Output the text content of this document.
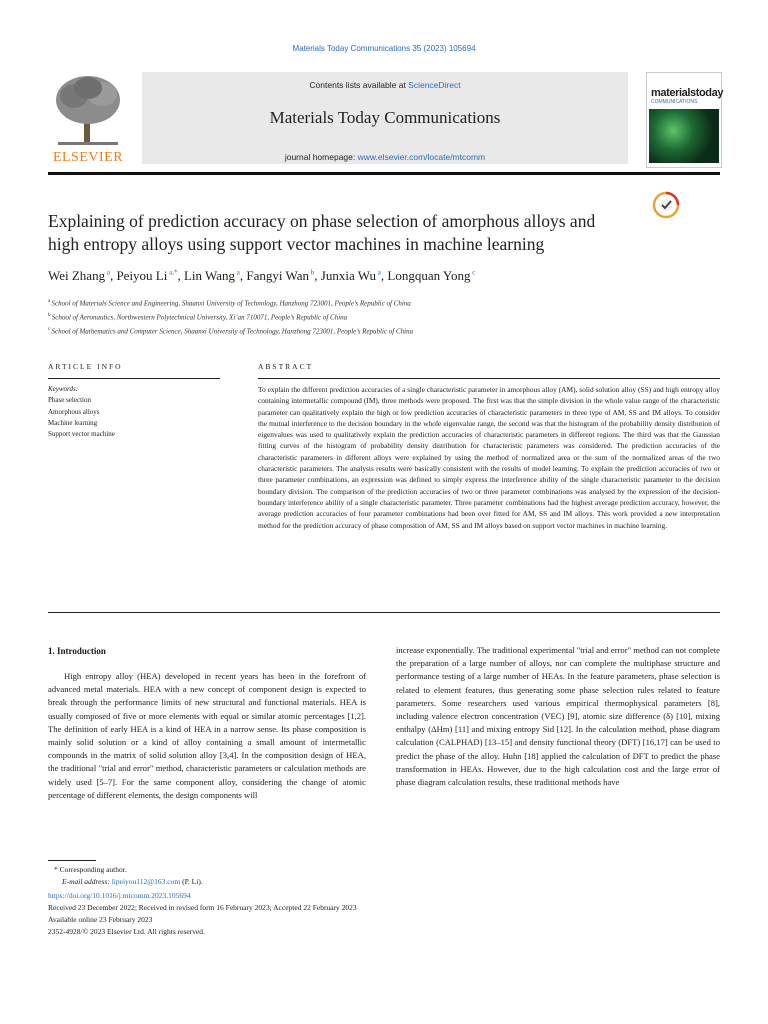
Materials Today Communications 35 (2023) 105694
ELSEVIER
Contents lists available at ScienceDirect
Materials Today Communications
journal homepage: www.elsevier.com/locate/mtcomm
materialstoday
COMMUNICATIONS
Explaining of prediction accuracy on phase selection of amorphous alloys and high entropy alloys using support vector machines in machine learning
Wei Zhang $^a$, Peiyou Li $^{a,*}$, Lin Wang $^a$, Fangyi Wan $^b$, Junxia Wu $^a$, Longquan Yong $^c$
$^a$ School of Materials Science and Engineering, Shaanxi University of Technology, Hanzhong 723001, People’s Republic of China
$^b$ School of Aeronautics, Northwestern Polytechnical University, Xi’an 710071, People’s Republic of China
$^c$ School of Mathematics and Computer Science, Shaanxi University of Technology, Hanzhong 723001, People’s Republic of China
ARTICLE INFO	ABSTRACT
Keywords:
Phase selection
Amorphous alloys
Machine learning
Support vector machine
To explain the different prediction accuracies of a single characteristic parameter in amorphous alloy (AM), solid solution alloy (SS) and high entropy alloy containing intermetallic compound (IM), three methods were proposed. The first was that the simple division in the whole value range of the characteristic parameter can qualitatively explain the high or low prediction accuracies of characteristic parameters in three type of AM, SS and IM alloys. To consider the mutual interference to the decision boundary in the whole eigenvalue range, the second was that the histogram of the probability density distribution of eigenvalues was used to qualitatively explain the prediction accuracies of characteristic parameters in different regions. The third was that the Gaussian fitting curves of the histogram of probability density distribution for characteristic parameters was considered. The prediction accuracies of the characteristic parameters in different alloys were explained by using the method of normalized area or the sum of the normalized areas of the two characteristic parameters. The analysis results were basically consistent with the results of model learning. To explain the prediction accuracies of two or three parameter combinations, an expression was defined to simply express the interference ability of the single characteristic parameter to the decision boundary division. The comparison of the prediction accuracies of two or three parameter combinations was analysed by the expression of the decision-boundary interference ability of a single characteristic parameter. Three parameter combinations had the highest average prediction accuracy, however, the average prediction accuracies of four parameter combinations had been over fitted for AM, SS and IM alloys. This work provided a new interpretation method for the prediction accuracy of phase composition of AM, SS and IM alloys based on support vector machines in machine learning.
1. Introduction
High entropy alloy (HEA) developed in recent years has been in the forefront of advanced metal materials. HEA with a new concept of component design is expected to break through the performance limits of new structural and functional materials. HEA is usually composed of five or more elements with equal or similar atomic percentages [1,2]. The definition of early HEA is a kind of HEA in a narrow sense. Its phase composition is mainly solid solution or a kind of alloy containing a small amount of intermetallic compounds in the matrix of solid solution alloy [3,4]. In the composition design of HEA, the traditional "trial and error" method, characteristic parameters or calculation methods are widely used [5–7]. For the same component alloy, considering the change of atomic percentage of different elements, the design components will
increase exponentially. The traditional experimental "trial and error" method can not complete the preparation of a large number of alloys, nor can complete the multiphase structure and performance testing of a large number of HEAs. In the feature parameters, phase selection is related to element features, thus generating some phase selection rules related to feature parameters. Some researchers used various empirical thermophysical parameters [8], including valence electron concentration (VEC) [9], atomic size difference (δ) [10], mixing enthalpy (ΔHm) [11] and mixing entropy Sid [12]. In the calculation method, phase diagram calculation (CALPHAD) [13–15] and density functional theory (DFT) [16,17] can be used to predict the phase of the alloy. Huhn [18] applied the calculation of DFT to predict the phase transformation in HEAs. However, due to the high calculation cost and the large error of phase diagram calculation results, these traditional methods have
* Corresponding author.
E-mail address: lipeiyou112@163.com (P. Li).
https://doi.org/10.1016/j.mtcomm.2023.105694
Received 23 December 2022; Received in revised form 16 February 2023; Accepted 22 February 2023
Available online 23 February 2023
2352-4928/© 2023 Elsevier Ltd. All rights reserved.
